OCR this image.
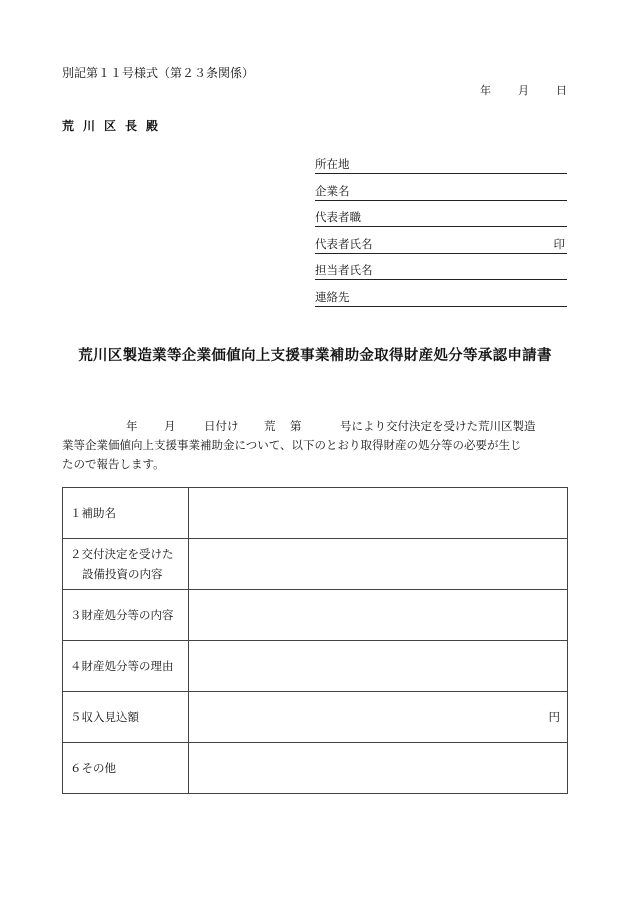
別記第１１号様式（第２３条関係）
年 月 日
荒川区長殿
所在地
企業名
代表者職
代表者氏名	印
担当者氏名
連絡先
荒川区製造業等企業価値向上支援事業補助金取得財産処分等承認申請書
年 月 日付け 荒 第	号により交付決定を受けた荒川区製造
業等企業価値向上支援事業補助金について、以下のとおり取得財産の処分等の必要が生じ
たので報告します。
１補助名	

２交付決定を受けた
設備投資の内容	

３財産処分等の内容	
４財産処分等の理由	
５収入見込額	円

６その他	
